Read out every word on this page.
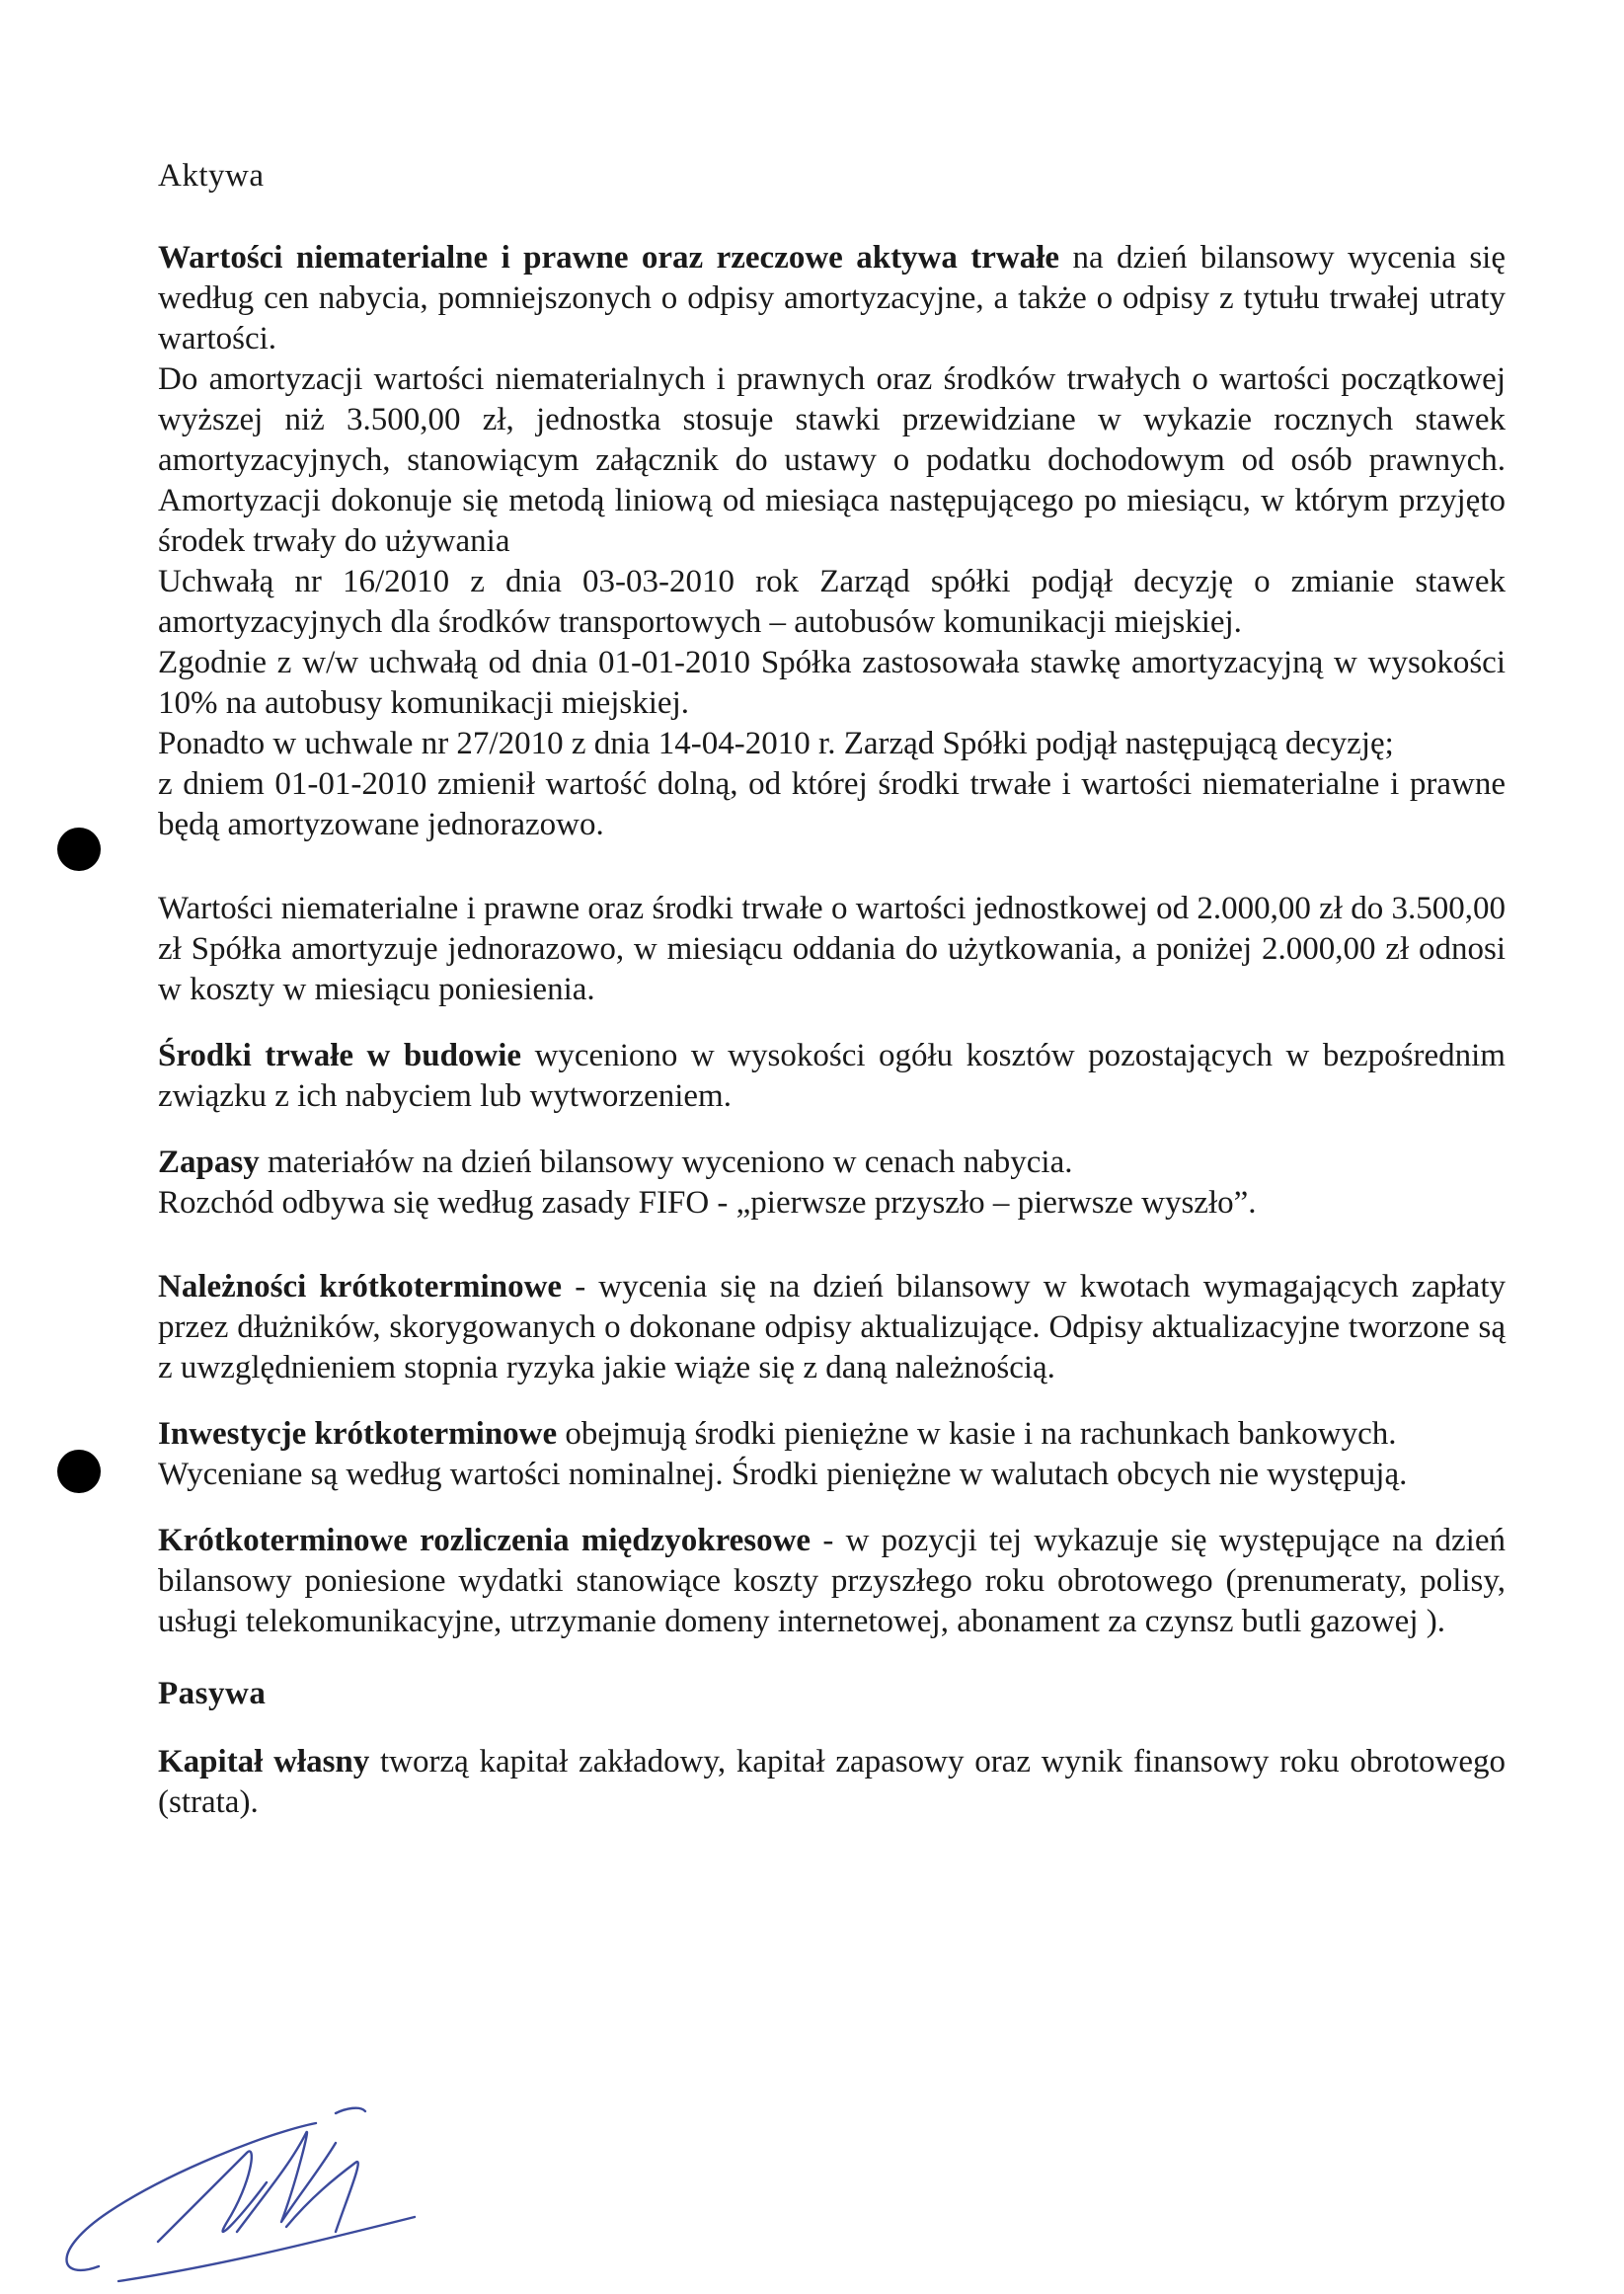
Aktywa

Wartości niematerialne i prawne oraz rzeczowe aktywa trwałe na dzień bilansowy wycenia się według cen nabycia, pomniejszonych o odpisy amortyzacyjne, a także o odpisy z tytułu trwałej utraty wartości.

Do amortyzacji wartości niematerialnych i prawnych oraz środków trwałych o wartości początkowej wyższej niż 3.500,00 zł, jednostka stosuje stawki przewidziane w wykazie rocznych stawek amortyzacyjnych, stanowiącym załącznik do ustawy o podatku dochodowym od osób prawnych. Amortyzacji dokonuje się metodą liniową od miesiąca następującego po miesiącu, w którym przyjęto środek trwały do używania

Uchwałą nr 16/2010 z dnia 03-03-2010 rok Zarząd spółki podjął decyzję o zmianie stawek amortyzacyjnych dla środków transportowych – autobusów komunikacji miejskiej.

Zgodnie z w/w uchwałą od dnia 01-01-2010 Spółka zastosowała stawkę amortyzacyjną w wysokości 10% na autobusy komunikacji miejskiej.

Ponadto w uchwale nr 27/2010 z dnia 14-04-2010 r. Zarząd Spółki podjął następującą decyzję;

z dniem 01-01-2010 zmienił wartość dolną, od której środki trwałe i wartości niematerialne i prawne będą amortyzowane jednorazowo.

Wartości niematerialne i prawne oraz środki trwałe o wartości jednostkowej od 2.000,00 zł do 3.500,00 zł Spółka amortyzuje jednorazowo, w miesiącu oddania do użytkowania, a poniżej 2.000,00 zł odnosi w koszty w miesiącu poniesienia.

Środki trwałe w budowie wyceniono w wysokości ogółu kosztów pozostających w bezpośrednim związku z ich nabyciem lub wytworzeniem.

Zapasy materiałów na dzień bilansowy wyceniono w cenach nabycia.

Rozchód odbywa się według zasady FIFO - „pierwsze przyszło – pierwsze wyszło”.

Należności krótkoterminowe - wycenia się na dzień bilansowy w kwotach wymagających zapłaty przez dłużników, skorygowanych o dokonane odpisy aktualizujące. Odpisy aktualizacyjne tworzone są z uwzględnieniem stopnia ryzyka jakie wiąże się z daną należnością.

Inwestycje krótkoterminowe obejmują środki pieniężne w kasie i na rachunkach bankowych.

Wyceniane są według wartości nominalnej. Środki pieniężne w walutach obcych nie występują.

Krótkoterminowe rozliczenia międzyokresowe - w pozycji tej wykazuje się występujące na dzień bilansowy poniesione wydatki stanowiące koszty przyszłego roku obrotowego (prenumeraty, polisy, usługi telekomunikacyjne, utrzymanie domeny internetowej, abonament za czynsz butli gazowej ).

Pasywa

Kapitał własny tworzą kapitał zakładowy, kapitał zapasowy oraz wynik finansowy roku obrotowego (strata).
